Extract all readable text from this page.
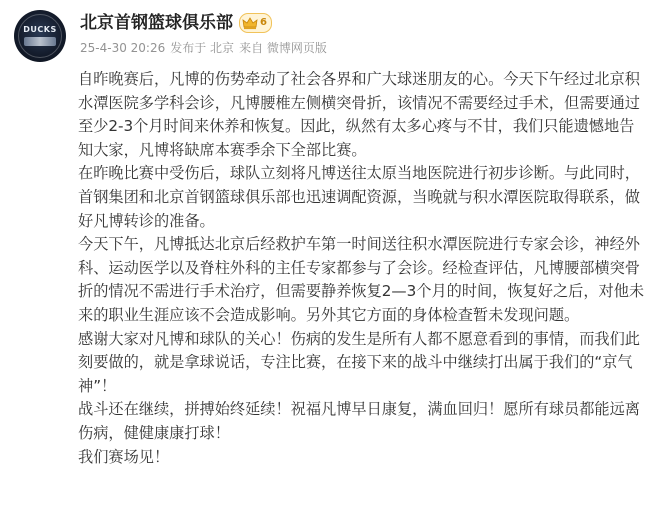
DUCKS	北京首钢篮球俱乐部	6
25-4-30 20:26 发布于 北京 来自 微博网页版

自昨晚赛后，凡博的伤势牵动了社会各界和广大球迷朋友的心。今天下午经过北京积水潭医院多学科会诊，凡博腰椎左侧横突骨折，该情况不需要经过手术，但需要通过至少2-3个月时间来休养和恢复。因此，纵然有太多心疼与不甘，我们只能遗憾地告知大家，凡博将缺席本赛季余下全部比赛。

在昨晚比赛中受伤后，球队立刻将凡博送往太原当地医院进行初步诊断。与此同时，首钢集团和北京首钢篮球俱乐部也迅速调配资源，当晚就与积水潭医院取得联系，做好凡博转诊的准备。

今天下午，凡博抵达北京后经救护车第一时间送往积水潭医院进行专家会诊，神经外科、运动医学以及脊柱外科的主任专家都参与了会诊。经检查评估，凡博腰部横突骨折的情况不需进行手术治疗，但需要静养恢复2—3个月的时间，恢复好之后，对他未来的职业生涯应该不会造成影响。另外其它方面的身体检查暂未发现问题。

感谢大家对凡博和球队的关心！伤病的发生是所有人都不愿意看到的事情，而我们此刻要做的，就是拿球说话，专注比赛，在接下来的战斗中继续打出属于我们的“京气神”！

战斗还在继续，拼搏始终延续！祝福凡博早日康复，满血回归！愿所有球员都能远离伤病，健健康康打球！

我们赛场见！
